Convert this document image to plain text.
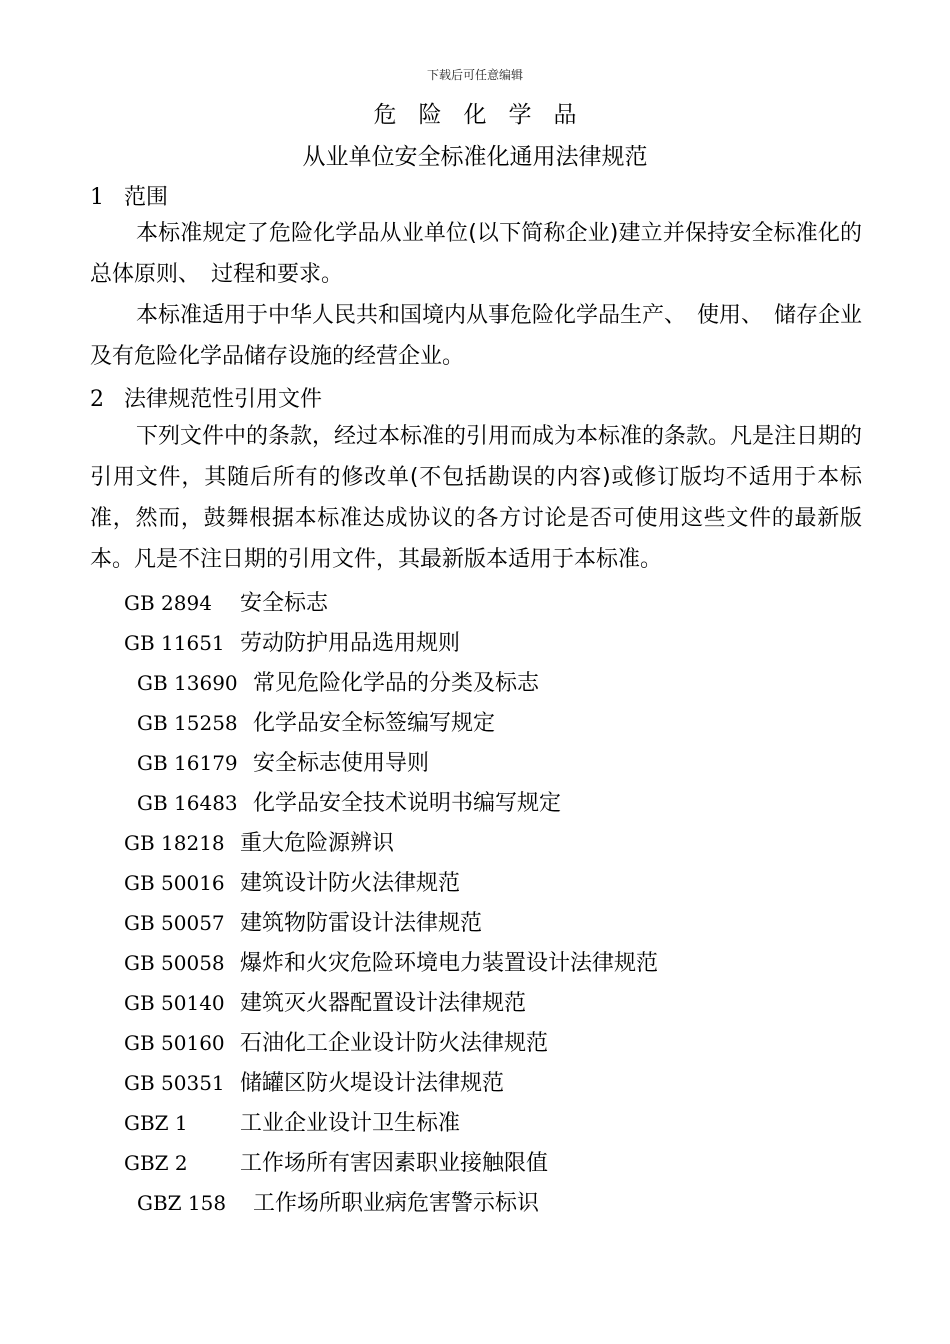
下载后可任意编辑
危险化学品
从业单位安全标准化通用法律规范
1 范围

本标准规定了危险化学品从业单位(以下简称企业)建立并保持安全标准化的总体原则、　过程和要求。

本标准适用于中华人民共和国境内从事危险化学品生产、　使用、　储存企业及有危险化学品储存设施的经营企业。

2 法律规范性引用文件

下列文件中的条款，经过本标准的引用而成为本标准的条款。凡是注日期的引用文件，其随后所有的修改单(不包括勘误的内容)或修订版均不适用于本标准，然而，鼓舞根据本标准达成协议的各方讨论是否可使用这些文件的最新版本。凡是不注日期的引用文件，其最新版本适用于本标准。

GB 2894 安全标志
GB 11651 劳动防护用品选用规则
GB 13690 常见危险化学品的分类及标志
GB 15258 化学品安全标签编写规定
GB 16179 安全标志使用导则
GB 16483 化学品安全技术说明书编写规定
GB 18218 重大危险源辨识
GB 50016 建筑设计防火法律规范
GB 50057 建筑物防雷设计法律规范
GB 50058 爆炸和火灾危险环境电力装置设计法律规范
GB 50140 建筑灭火器配置设计法律规范
GB 50160 石油化工企业设计防火法律规范
GB 50351 储罐区防火堤设计法律规范
GBZ 1 工业企业设计卫生标准
GBZ 2 工作场所有害因素职业接触限值
GBZ 158 工作场所职业病危害警示标识
